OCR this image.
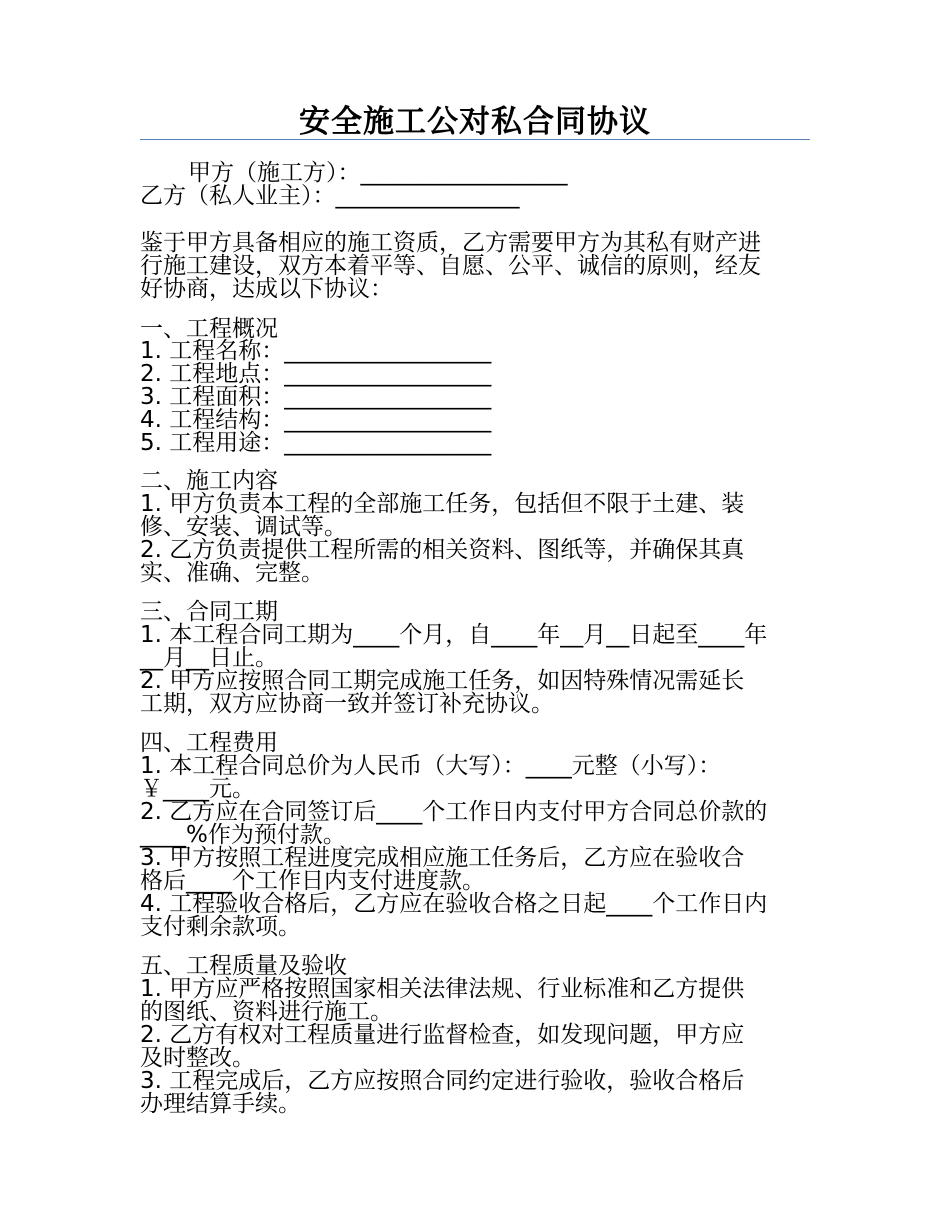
安全施工公对私合同协议
甲方（施工方）：__________________
乙方（私人业主）：________________
鉴于甲方具备相应的施工资质，乙方需要甲方为其私有财产进
行施工建设，双方本着平等、自愿、公平、诚信的原则，经友
好协商，达成以下协议：
一、工程概况
1. 工程名称：__________________
2. 工程地点：__________________
3. 工程面积：__________________
4. 工程结构：__________________
5. 工程用途：__________________
二、施工内容
1. 甲方负责本工程的全部施工任务，包括但不限于土建、装
修、安装、调试等。
2. 乙方负责提供工程所需的相关资料、图纸等，并确保其真
实、准确、完整。
三、合同工期
1. 本工程合同工期为____个月，自____年__月__日起至____年
__月__日止。
2. 甲方应按照合同工期完成施工任务，如因特殊情况需延长
工期，双方应协商一致并签订补充协议。
四、工程费用
1. 本工程合同总价为人民币（大写）：____元整（小写）：
￥____元。
2. 乙方应在合同签订后____个工作日内支付甲方合同总价款的
____%作为预付款。
3. 甲方按照工程进度完成相应施工任务后，乙方应在验收合
格后____个工作日内支付进度款。
4. 工程验收合格后，乙方应在验收合格之日起____个工作日内
支付剩余款项。
五、工程质量及验收
1. 甲方应严格按照国家相关法律法规、行业标准和乙方提供
的图纸、资料进行施工。
2. 乙方有权对工程质量进行监督检查，如发现问题，甲方应
及时整改。
3. 工程完成后，乙方应按照合同约定进行验收，验收合格后
办理结算手续。
